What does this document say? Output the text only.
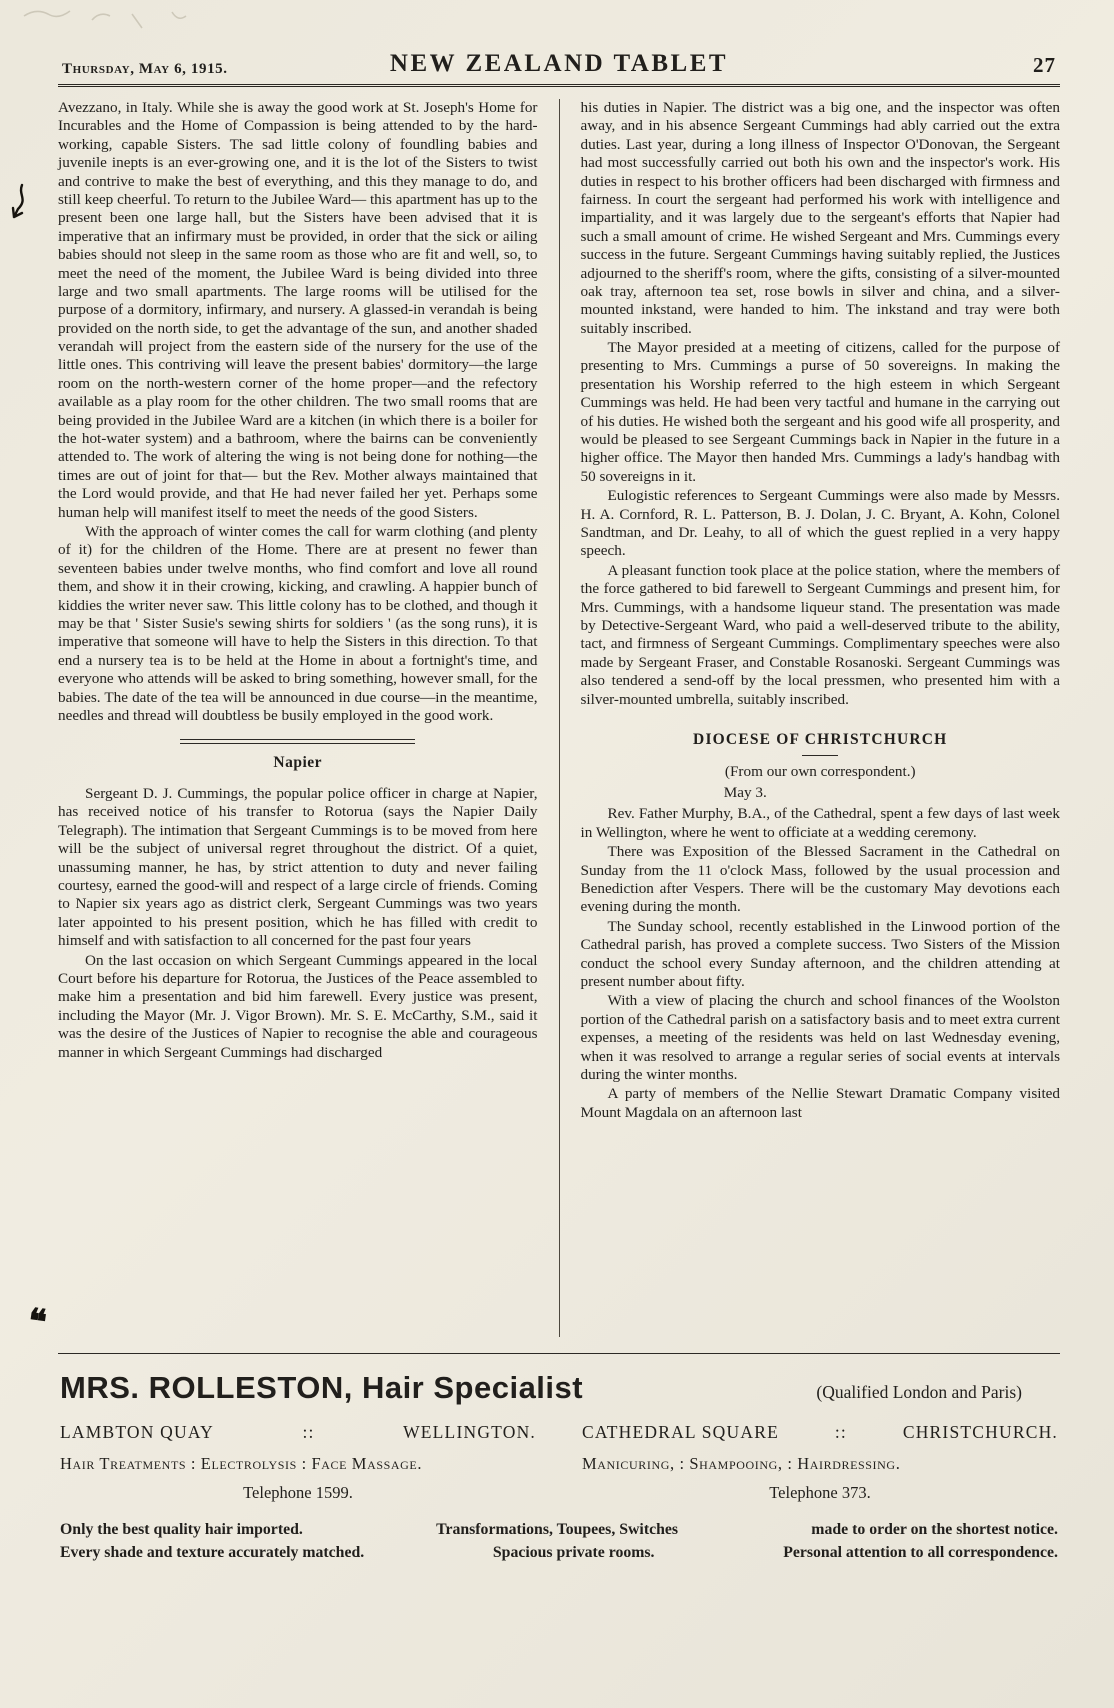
❝
Thursday, May 6, 1915.	NEW ZEALAND TABLET	27

Avezzano, in Italy. While she is away the good work at St. Joseph's Home for Incurables and the Home of Compassion is being attended to by the hard-working, capable Sisters. The sad little colony of foundling babies and juvenile inepts is an ever-growing one, and it is the lot of the Sisters to twist and contrive to make the best of everything, and this they manage to do, and still keep cheerful. To return to the Jubilee Ward— this apartment has up to the present been one large hall, but the Sisters have been advised that it is imperative that an infirmary must be provided, in order that the sick or ailing babies should not sleep in the same room as those who are fit and well, so, to meet the need of the moment, the Jubilee Ward is being divided into three large and two small apartments. The large rooms will be utilised for the purpose of a dormitory, infirmary, and nursery. A glassed-in verandah is being provided on the north side, to get the advantage of the sun, and another shaded verandah will project from the eastern side of the nursery for the use of the little ones. This contriving will leave the present babies' dormitory—the large room on the north-western corner of the home proper—and the refectory available as a play room for the other children. The two small rooms that are being provided in the Jubilee Ward are a kitchen (in which there is a boiler for the hot-water system) and a bathroom, where the bairns can be conveniently attended to. The work of altering the wing is not being done for nothing—the times are out of joint for that— but the Rev. Mother always maintained that the Lord would provide, and that He had never failed her yet. Perhaps some human help will manifest itself to meet the needs of the good Sisters.

With the approach of winter comes the call for warm clothing (and plenty of it) for the children of the Home. There are at present no fewer than seventeen babies under twelve months, who find comfort and love all round them, and show it in their crowing, kicking, and crawling. A happier bunch of kiddies the writer never saw. This little colony has to be clothed, and though it may be that ' Sister Susie's sewing shirts for soldiers ' (as the song runs), it is imperative that someone will have to help the Sisters in this direction. To that end a nursery tea is to be held at the Home in about a fortnight's time, and everyone who attends will be asked to bring something, however small, for the babies. The date of the tea will be announced in due course—in the meantime, needles and thread will doubtless be busily employed in the good work.

Napier

Sergeant D. J. Cummings, the popular police officer in charge at Napier, has received notice of his transfer to Rotorua (says the Napier Daily Telegraph). The intimation that Sergeant Cummings is to be moved from here will be the subject of universal regret throughout the district. Of a quiet, unassuming manner, he has, by strict attention to duty and never failing courtesy, earned the good-will and respect of a large circle of friends. Coming to Napier six years ago as district clerk, Sergeant Cummings was two years later appointed to his present position, which he has filled with credit to himself and with satisfaction to all concerned for the past four years

On the last occasion on which Sergeant Cummings appeared in the local Court before his departure for Rotorua, the Justices of the Peace assembled to make him a presentation and bid him farewell. Every justice was present, including the Mayor (Mr. J. Vigor Brown). Mr. S. E. McCarthy, S.M., said it was the desire of the Justices of Napier to recognise the able and courageous manner in which Sergeant Cummings had discharged

his duties in Napier. The district was a big one, and the inspector was often away, and in his absence Sergeant Cummings had ably carried out the extra duties. Last year, during a long illness of Inspector O'Donovan, the Sergeant had most successfully carried out both his own and the inspector's work. His duties in respect to his brother officers had been discharged with firmness and fairness. In court the sergeant had performed his work with intelligence and impartiality, and it was largely due to the sergeant's efforts that Napier had such a small amount of crime. He wished Sergeant and Mrs. Cummings every success in the future. Sergeant Cummings having suitably replied, the Justices adjourned to the sheriff's room, where the gifts, consisting of a silver-mounted oak tray, afternoon tea set, rose bowls in silver and china, and a silver-mounted inkstand, were handed to him. The inkstand and tray were both suitably inscribed.

The Mayor presided at a meeting of citizens, called for the purpose of presenting to Mrs. Cummings a purse of 50 sovereigns. In making the presentation his Worship referred to the high esteem in which Sergeant Cummings was held. He had been very tactful and humane in the carrying out of his duties. He wished both the sergeant and his good wife all prosperity, and would be pleased to see Sergeant Cummings back in Napier in the future in a higher office. The Mayor then handed Mrs. Cummings a lady's handbag with 50 sovereigns in it.

Eulogistic references to Sergeant Cummings were also made by Messrs. H. A. Cornford, R. L. Patterson, B. J. Dolan, J. C. Bryant, A. Kohn, Colonel Sandtman, and Dr. Leahy, to all of which the guest replied in a very happy speech.

A pleasant function took place at the police station, where the members of the force gathered to bid farewell to Sergeant Cummings and present him, for Mrs. Cummings, with a handsome liqueur stand. The presentation was made by Detective-Sergeant Ward, who paid a well-deserved tribute to the ability, tact, and firmness of Sergeant Cummings. Complimentary speeches were also made by Sergeant Fraser, and Constable Rosanoski. Sergeant Cummings was also tendered a send-off by the local pressmen, who presented him with a silver-mounted umbrella, suitably inscribed.

DIOCESE OF CHRISTCHURCH
(From our own correspondent.)
May 3.

Rev. Father Murphy, B.A., of the Cathedral, spent a few days of last week in Wellington, where he went to officiate at a wedding ceremony.

There was Exposition of the Blessed Sacrament in the Cathedral on Sunday from the 11 o'clock Mass, followed by the usual procession and Benediction after Vespers. There will be the customary May devotions each evening during the month.

The Sunday school, recently established in the Linwood portion of the Cathedral parish, has proved a complete success. Two Sisters of the Mission conduct the school every Sunday afternoon, and the children attending at present number about fifty.

With a view of placing the church and school finances of the Woolston portion of the Cathedral parish on a satisfactory basis and to meet extra current expenses, a meeting of the residents was held on last Wednesday evening, when it was resolved to arrange a regular series of social events at intervals during the winter months.

A party of members of the Nellie Stewart Dramatic Company visited Mount Magdala on an afternoon last

MRS. ROLLESTON, Hair Specialist	(Qualified London and Paris)
LAMBTON QUAY	::	WELLINGTON.
Hair Treatments : Electrolysis : Face Massage.
Telephone 1599.
CATHEDRAL SQUARE	::	CHRISTCHURCH.
Manicuring, : Shampooing, : Hairdressing.
Telephone 373.
Only the best quality hair imported.	Transformations, Toupees, Switches	made to order on the shortest notice.
Every shade and texture accurately matched.	Spacious private rooms.	Personal attention to all correspondence.
